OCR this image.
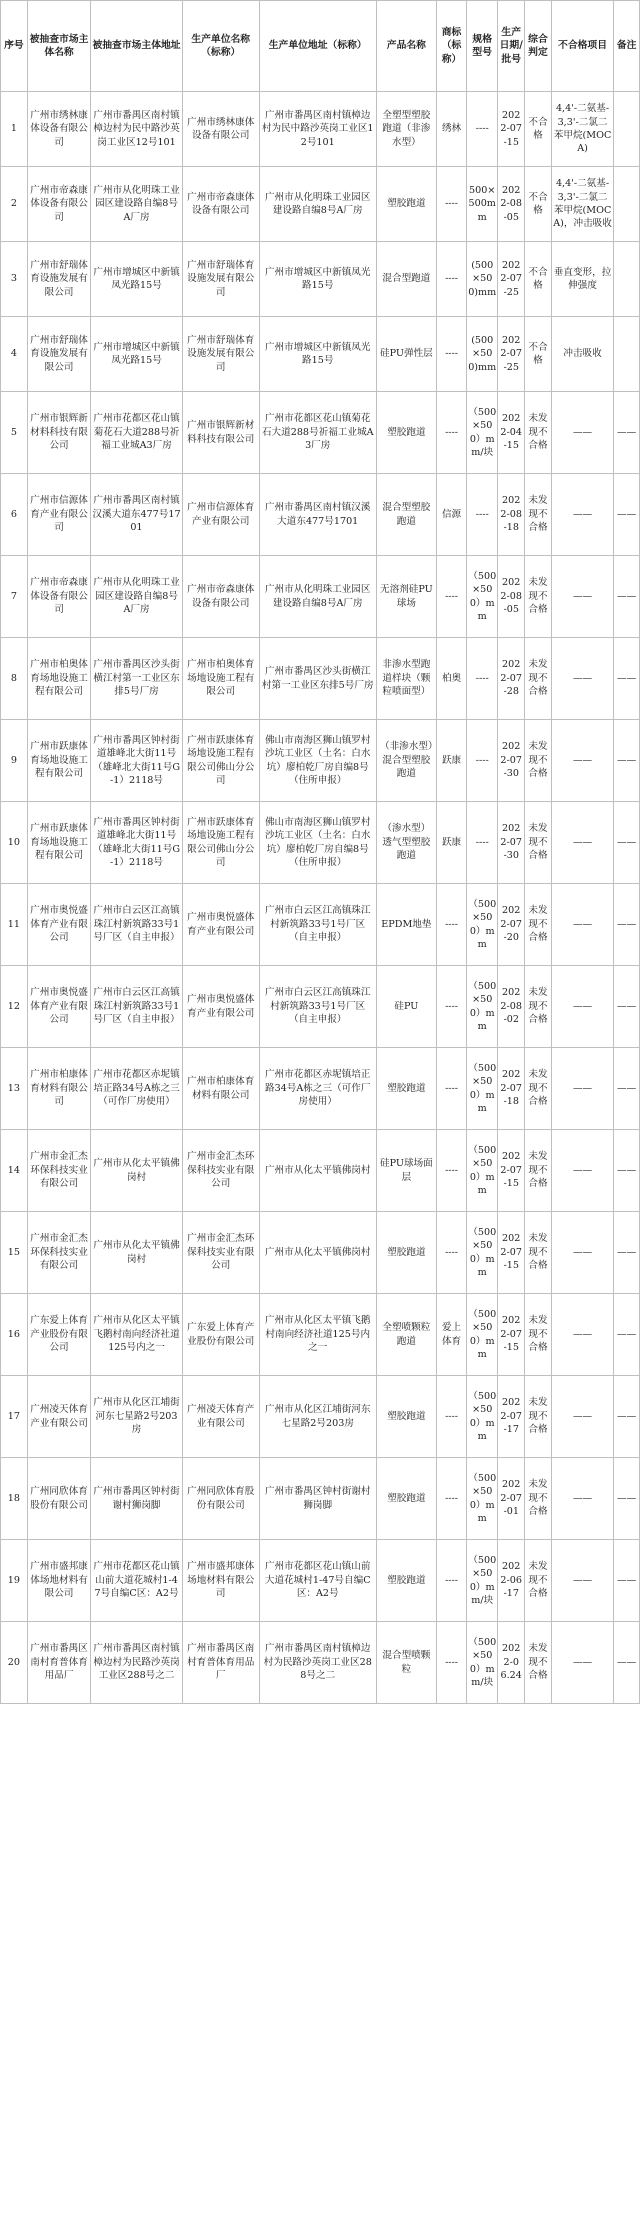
序号	被抽查市场主体名称	被抽查市场主体地址	生产单位名称（标称）	生产单位地址（标称）	产品名称	商标（标称）	规格型号	生产日期/批号	综合判定	不合格项目	备注
1	广州市绣林康体设备有限公司	广州市番禺区南村镇樟边村为民中路沙英岗工业区12号101	广州市绣林康体设备有限公司	广州市番禺区南村镇樟边村为民中路沙英岗工业区12号101	全塑型塑胶跑道（非渗水型）	绣林	----	2022-07-15	不合格	4,4'-二氨基-3,3'-二氯二苯甲烷(MOCA)	
2	广州市帝森康体设备有限公司	广州市从化明珠工业园区建设路自编8号A厂房	广州市帝森康体设备有限公司	广州市从化明珠工业园区建设路自编8号A厂房	塑胶跑道	----	500×500mm	2022-08-05	不合格	4,4'-二氨基-3,3'-二氯二苯甲烷(MOCA)，冲击吸收	
3	广州市舒瑞体育设施发展有限公司	广州市增城区中新镇凤光路15号	广州市舒瑞体育设施发展有限公司	广州市增城区中新镇凤光路15号	混合型跑道	----	(500×500)mm	2022-07-25	不合格	垂直变形，拉伸强度	
4	广州市舒瑞体育设施发展有限公司	广州市增城区中新镇凤光路15号	广州市舒瑞体育设施发展有限公司	广州市增城区中新镇凤光路15号	硅PU弹性层	----	(500×500)mm	2022-07-25	不合格	冲击吸收	
5	广州市银辉新材料科技有限公司	广州市花都区花山镇菊花石大道288号祈福工业城A3厂房	广州市银辉新材料科技有限公司	广州市花都区花山镇菊花石大道288号祈福工业城A3厂房	塑胶跑道	----	（500×500）mm/块	2022-04-15	未发现不合格	——	——
6	广州市信源体育产业有限公司	广州市番禺区南村镇汉溪大道东477号1701	广州市信源体育产业有限公司	广州市番禺区南村镇汉溪大道东477号1701	混合型塑胶跑道	信源	----	2022-08-18	未发现不合格	——	——
7	广州市帝森康体设备有限公司	广州市从化明珠工业园区建设路自编8号A厂房	广州市帝森康体设备有限公司	广州市从化明珠工业园区建设路自编8号A厂房	无溶剂硅PU球场	----	（500×500）mm	2022-08-05	未发现不合格	——	——
8	广州市柏奥体育场地设施工程有限公司	广州市番禺区沙头街横江村第一工业区东排5号厂房	广州市柏奥体育场地设施工程有限公司	广州市番禺区沙头街横江村第一工业区东排5号厂房	非渗水型跑道样块（颗粒喷面型）	柏奥	----	2022-07-28	未发现不合格	——	——
9	广州市跃康体育场地设施工程有限公司	广州市番禺区钟村街道雄峰北大街11号（雄峰北大街11号G-1）2118号	广州市跃康体育场地设施工程有限公司佛山分公司	佛山市南海区狮山镇罗村沙坑工业区（土名：白水坑）廖柏乾厂房自编8号（住所申报）	（非渗水型）混合型塑胶跑道	跃康	----	2022-07-30	未发现不合格	——	——
10	广州市跃康体育场地设施工程有限公司	广州市番禺区钟村街道雄峰北大街11号（雄峰北大街11号G-1）2118号	广州市跃康体育场地设施工程有限公司佛山分公司	佛山市南海区狮山镇罗村沙坑工业区（土名：白水坑）廖柏乾厂房自编8号（住所申报）	（渗水型）透气型塑胶跑道	跃康	----	2022-07-30	未发现不合格	——	——
11	广州市奥悦盛体育产业有限公司	广州市白云区江高镇珠江村新筑路33号1号厂区（自主申报）	广州市奥悦盛体育产业有限公司	广州市白云区江高镇珠江村新筑路33号1号厂区（自主申报）	EPDM地垫	----	（500×500）mm	2022-07-20	未发现不合格	——	——
12	广州市奥悦盛体育产业有限公司	广州市白云区江高镇珠江村新筑路33号1号厂区（自主申报）	广州市奥悦盛体育产业有限公司	广州市白云区江高镇珠江村新筑路33号1号厂区（自主申报）	硅PU	----	（500×500）mm	2022-08-02	未发现不合格	——	——
13	广州市柏康体育材料有限公司	广州市花都区赤坭镇培正路34号A栋之三（可作厂房使用）	广州市柏康体育材料有限公司	广州市花都区赤坭镇培正路34号A栋之三（可作厂房使用）	塑胶跑道	----	（500×500）mm	2022-07-18	未发现不合格	——	——
14	广州市金汇杰环保科技实业有限公司	广州市从化太平镇佛岗村	广州市金汇杰环保科技实业有限公司	广州市从化太平镇佛岗村	硅PU球场面层	----	（500×500）mm	2022-07-15	未发现不合格	——	——
15	广州市金汇杰环保科技实业有限公司	广州市从化太平镇佛岗村	广州市金汇杰环保科技实业有限公司	广州市从化太平镇佛岗村	塑胶跑道	----	（500×500）mm	2022-07-15	未发现不合格	——	——
16	广东爱上体育产业股份有限公司	广州市从化区太平镇飞鹅村南向经济社道125号内之一	广东爱上体育产业股份有限公司	广州市从化区太平镇飞鹅村南向经济社道125号内之一	全塑喷颗粒跑道	爱上体育	（500×500）mm	2022-07-15	未发现不合格	——	——
17	广州凌天体育产业有限公司	广州市从化区江埔街河东七星路2号203房	广州凌天体育产业有限公司	广州市从化区江埔街河东七星路2号203房	塑胶跑道	----	（500×500）mm	2022-07-17	未发现不合格	——	——
18	广州同欣体育股份有限公司	广州市番禺区钟村街谢村狮岗脚	广州同欣体育股份有限公司	广州市番禺区钟村街谢村狮岗脚	塑胶跑道	----	（500×500）mm	2022-07-01	未发现不合格	——	——
19	广州市盛邦康体场地材料有限公司	广州市花都区花山镇山前大道花城村1-47号自编C区：A2号	广州市盛邦康体场地材料有限公司	广州市花都区花山镇山前大道花城村1-47号自编C区：A2号	塑胶跑道	----	（500×500）mm/块	2022-06-17	未发现不合格	——	——
20	广州市番禺区南村育普体育用品厂	广州市番禺区南村镇樟边村为民路沙英岗工业区288号之二	广州市番禺区南村育普体育用品厂	广州市番禺区南村镇樟边村为民路沙英岗工业区288号之二	混合型喷颗粒	----	（500×500）mm/块	2022-06.24	未发现不合格	——	——
